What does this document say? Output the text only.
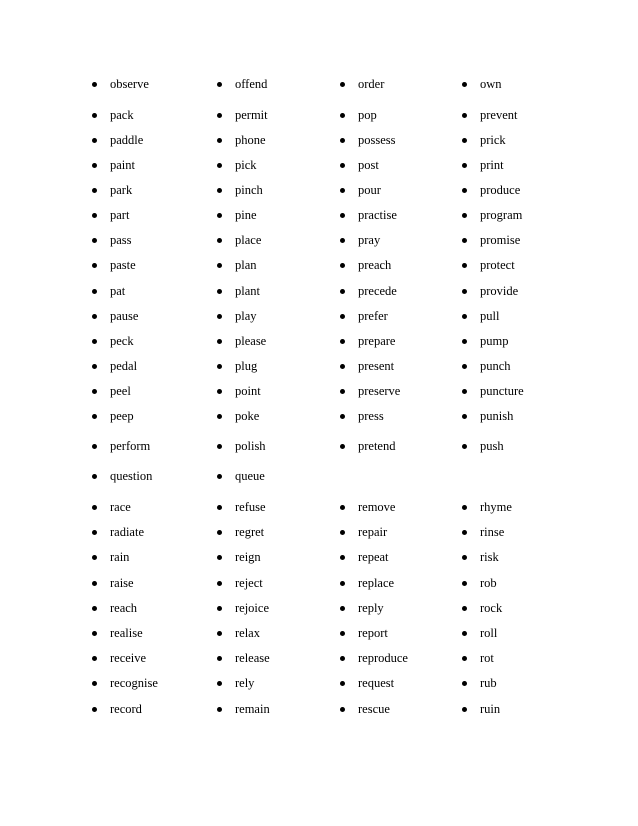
observe	offend	order	own
pack	permit	pop	prevent
paddle	phone	possess	prick
paint	pick	post	print
park	pinch	pour	produce
part	pine	practise	program
pass	place	pray	promise
paste	plan	preach	protect
pat	plant	precede	provide
pause	play	prefer	pull
peck	please	prepare	pump
pedal	plug	present	punch
peel	point	preserve	puncture
peep	poke	press	punish
perform	polish	pretend	push
question	queue
race	refuse	remove	rhyme
radiate	regret	repair	rinse
rain	reign	repeat	risk
raise	reject	replace	rob
reach	rejoice	reply	rock
realise	relax	report	roll
receive	release	reproduce	rot
recognise	rely	request	rub
record	remain	rescue	ruin
